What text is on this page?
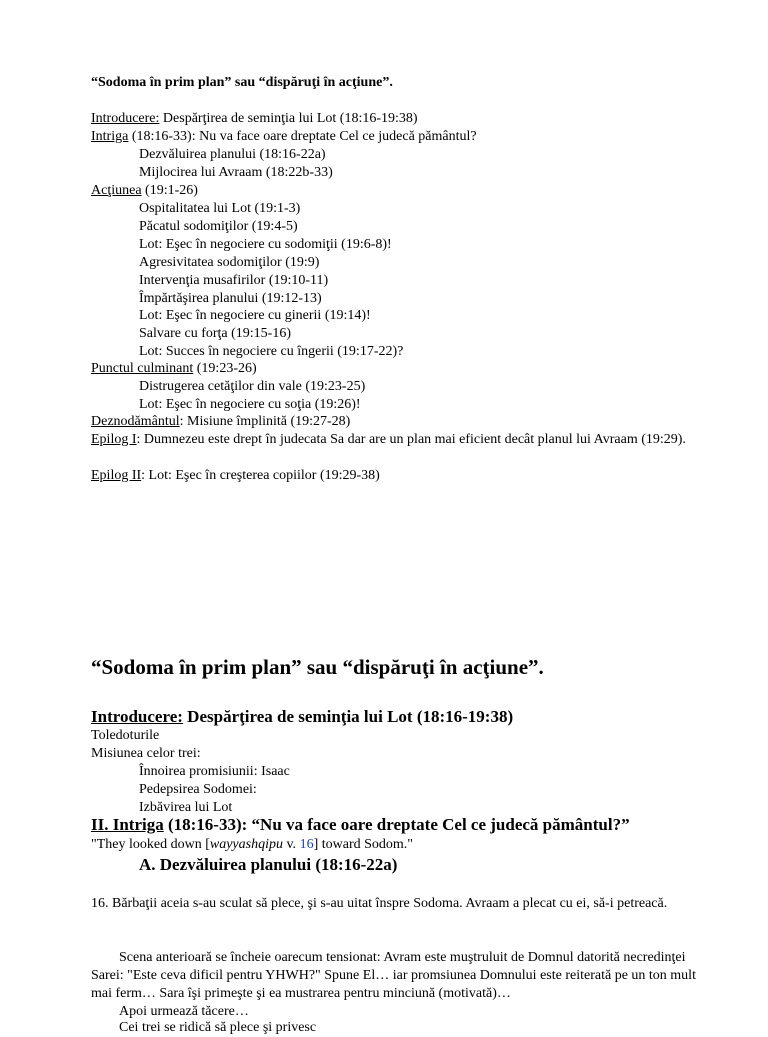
“Sodoma în prim plan” sau “dispăruţi în acţiune”.
Introducere: Despărţirea de seminţia lui Lot (18:16-19:38)
Intriga (18:16-33): Nu va face oare dreptate Cel ce judecă pământul?
Dezvăluirea planului (18:16-22a)
Mijlocirea lui Avraam (18:22b-33)
Acţiunea (19:1-26)
Ospitalitatea lui Lot (19:1-3)
Păcatul sodomiţilor (19:4-5)
Lot: Eşec în negociere cu sodomiţii (19:6-8)!
Agresivitatea sodomiţilor (19:9)
Intervenţia musafirilor (19:10-11)
Împărtăşirea planului (19:12-13)
Lot: Eşec în negociere cu ginerii (19:14)!
Salvare cu forţa (19:15-16)
Lot: Succes în negociere cu îngerii (19:17-22)?
Punctul culminant (19:23-26)
Distrugerea cetăţilor din vale (19:23-25)
Lot: Eşec în negociere cu soţia (19:26)!
Deznodământul: Misiune împlinită (19:27-28)
Epilog I: Dumnezeu este drept în judecata Sa dar are un plan mai eficient decât planul lui Avraam (19:29).
Epilog II: Lot: Eşec în creşterea copiilor (19:29-38)
“Sodoma în prim plan” sau “dispăruţi în acţiune”.
Introducere: Despărţirea de seminţia lui Lot (18:16-19:38)
Toledoturile
Misiunea celor trei:
Înnoirea promisiunii: Isaac
Pedepsirea Sodomei:
Izbăvirea lui Lot
II. Intriga (18:16-33): “Nu va face oare dreptate Cel ce judecă pământul?”
"They looked down [wayyashqipu v. 16] toward Sodom."
A. Dezvăluirea planului (18:16-22a)
16. Bărbaţii aceia s-au sculat să plece, şi s-au uitat înspre Sodoma. Avraam a plecat cu ei, să-i petreacă.
Scena anterioară se încheie oarecum tensionat: Avram este muştruluit de Domnul datorită necredinţei Sarei: "Este ceva dificil pentru YHWH?" Spune El… iar promsiunea Domnului este reiterată pe un ton mult mai ferm… Sara îşi primeşte şi ea mustrarea pentru minciună (motivată)…
Apoi urmează tăcere…
Cei trei se ridică să plece şi privesc
